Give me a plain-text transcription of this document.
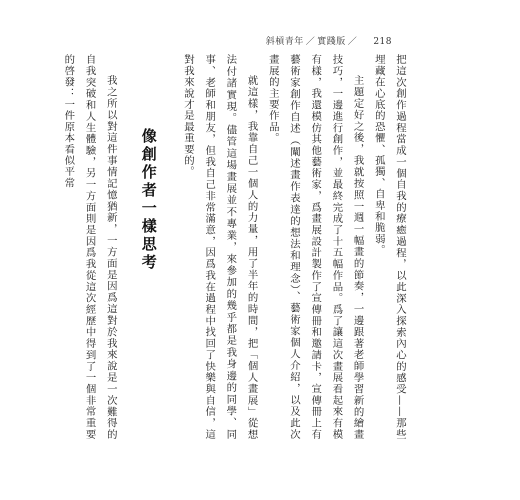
斜槓青年 ／ 實踐版 ／ 218

把這次創作過程當成一個自我的療癒過程，以此深入探索內心的感受——那些埋藏在心底的恐懼、孤獨、自卑和脆弱。

主題定好之後，我就按照一週一幅畫的節奏，一邊跟著老師學習新的繪畫技巧，一邊進行創作，並最終完成了十五幅作品。爲了讓這次畫展看起來有模有樣，我還模仿其他藝術家，爲畫展設計製作了宣傳冊和邀請卡，宣傳冊上有藝術家創作自述（闡述畫作表達的想法和理念）、藝術家個人介紹，以及此次畫展的主要作品。

就這樣，我靠自己一個人的力量，用了半年的時間，把「個人畫展」從想法付諸實現。儘管這場畫展並不專業，來參加的幾乎都是我身邊的同學、同事、老師和朋友，但我自己非常滿意，因爲我在過程中找回了快樂與自信，這對我來說才是最重要的。

像創作者一樣思考

我之所以對這件事情記憶猶新，一方面是因爲這對於我來說是一次難得的自我突破和人生體驗，另一方面則是因爲我從這次經歷中得到了一個非常重要的啓發：一件原本看似平常
